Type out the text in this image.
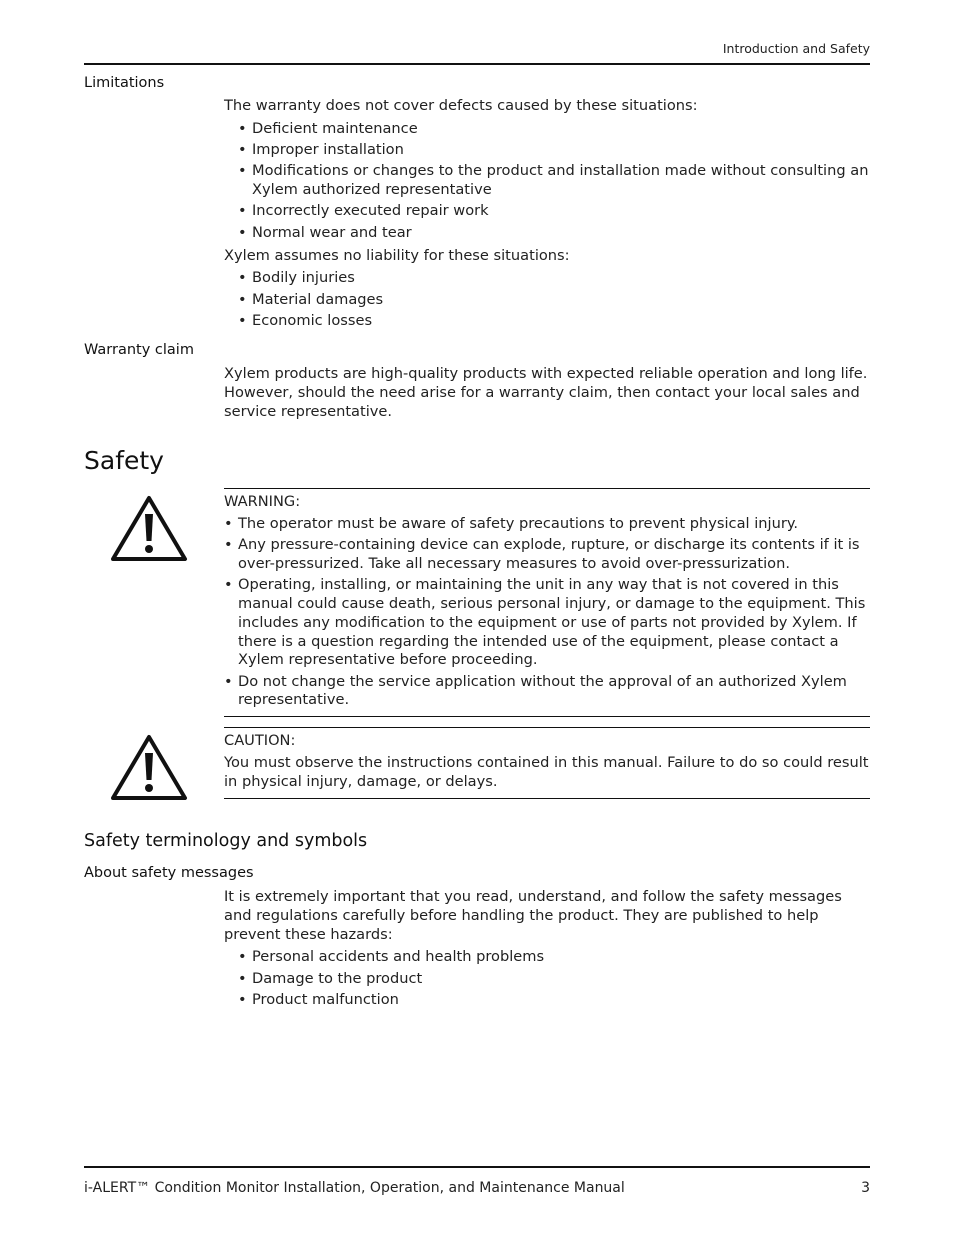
Introduction and Safety
Limitations

The warranty does not cover defects caused by these situations:

• Deficient maintenance
• Improper installation
• Modifications or changes to the product and installation made without consulting an Xylem authorized representative
• Incorrectly executed repair work
• Normal wear and tear

Xylem assumes no liability for these situations:

• Bodily injuries
• Material damages
• Economic losses
Warranty claim

Xylem products are high-quality products with expected reliable operation and long life. However, should the need arise for a warranty claim, then contact your local sales and service representative.

Safety

WARNING:

• The operator must be aware of safety precautions to prevent physical injury.
• Any pressure-containing device can explode, rupture, or discharge its contents if it is over-pressurized. Take all necessary measures to avoid over-pressurization.
• Operating, installing, or maintaining the unit in any way that is not covered in this manual could cause death, serious personal injury, or damage to the equipment. This includes any modification to the equipment or use of parts not provided by Xylem. If there is a question regarding the intended use of the equipment, please contact a Xylem representative before proceeding.
• Do not change the service application without the approval of an authorized Xylem representative.

CAUTION:

You must observe the instructions contained in this manual. Failure to do so could result in physical injury, damage, or delays.

Safety terminology and symbols
About safety messages

It is extremely important that you read, understand, and follow the safety messages and regulations carefully before handling the product. They are published to help prevent these hazards:

• Personal accidents and health problems
• Damage to the product
• Product malfunction
i-ALERT™ Condition Monitor Installation, Operation, and Maintenance Manual	3
